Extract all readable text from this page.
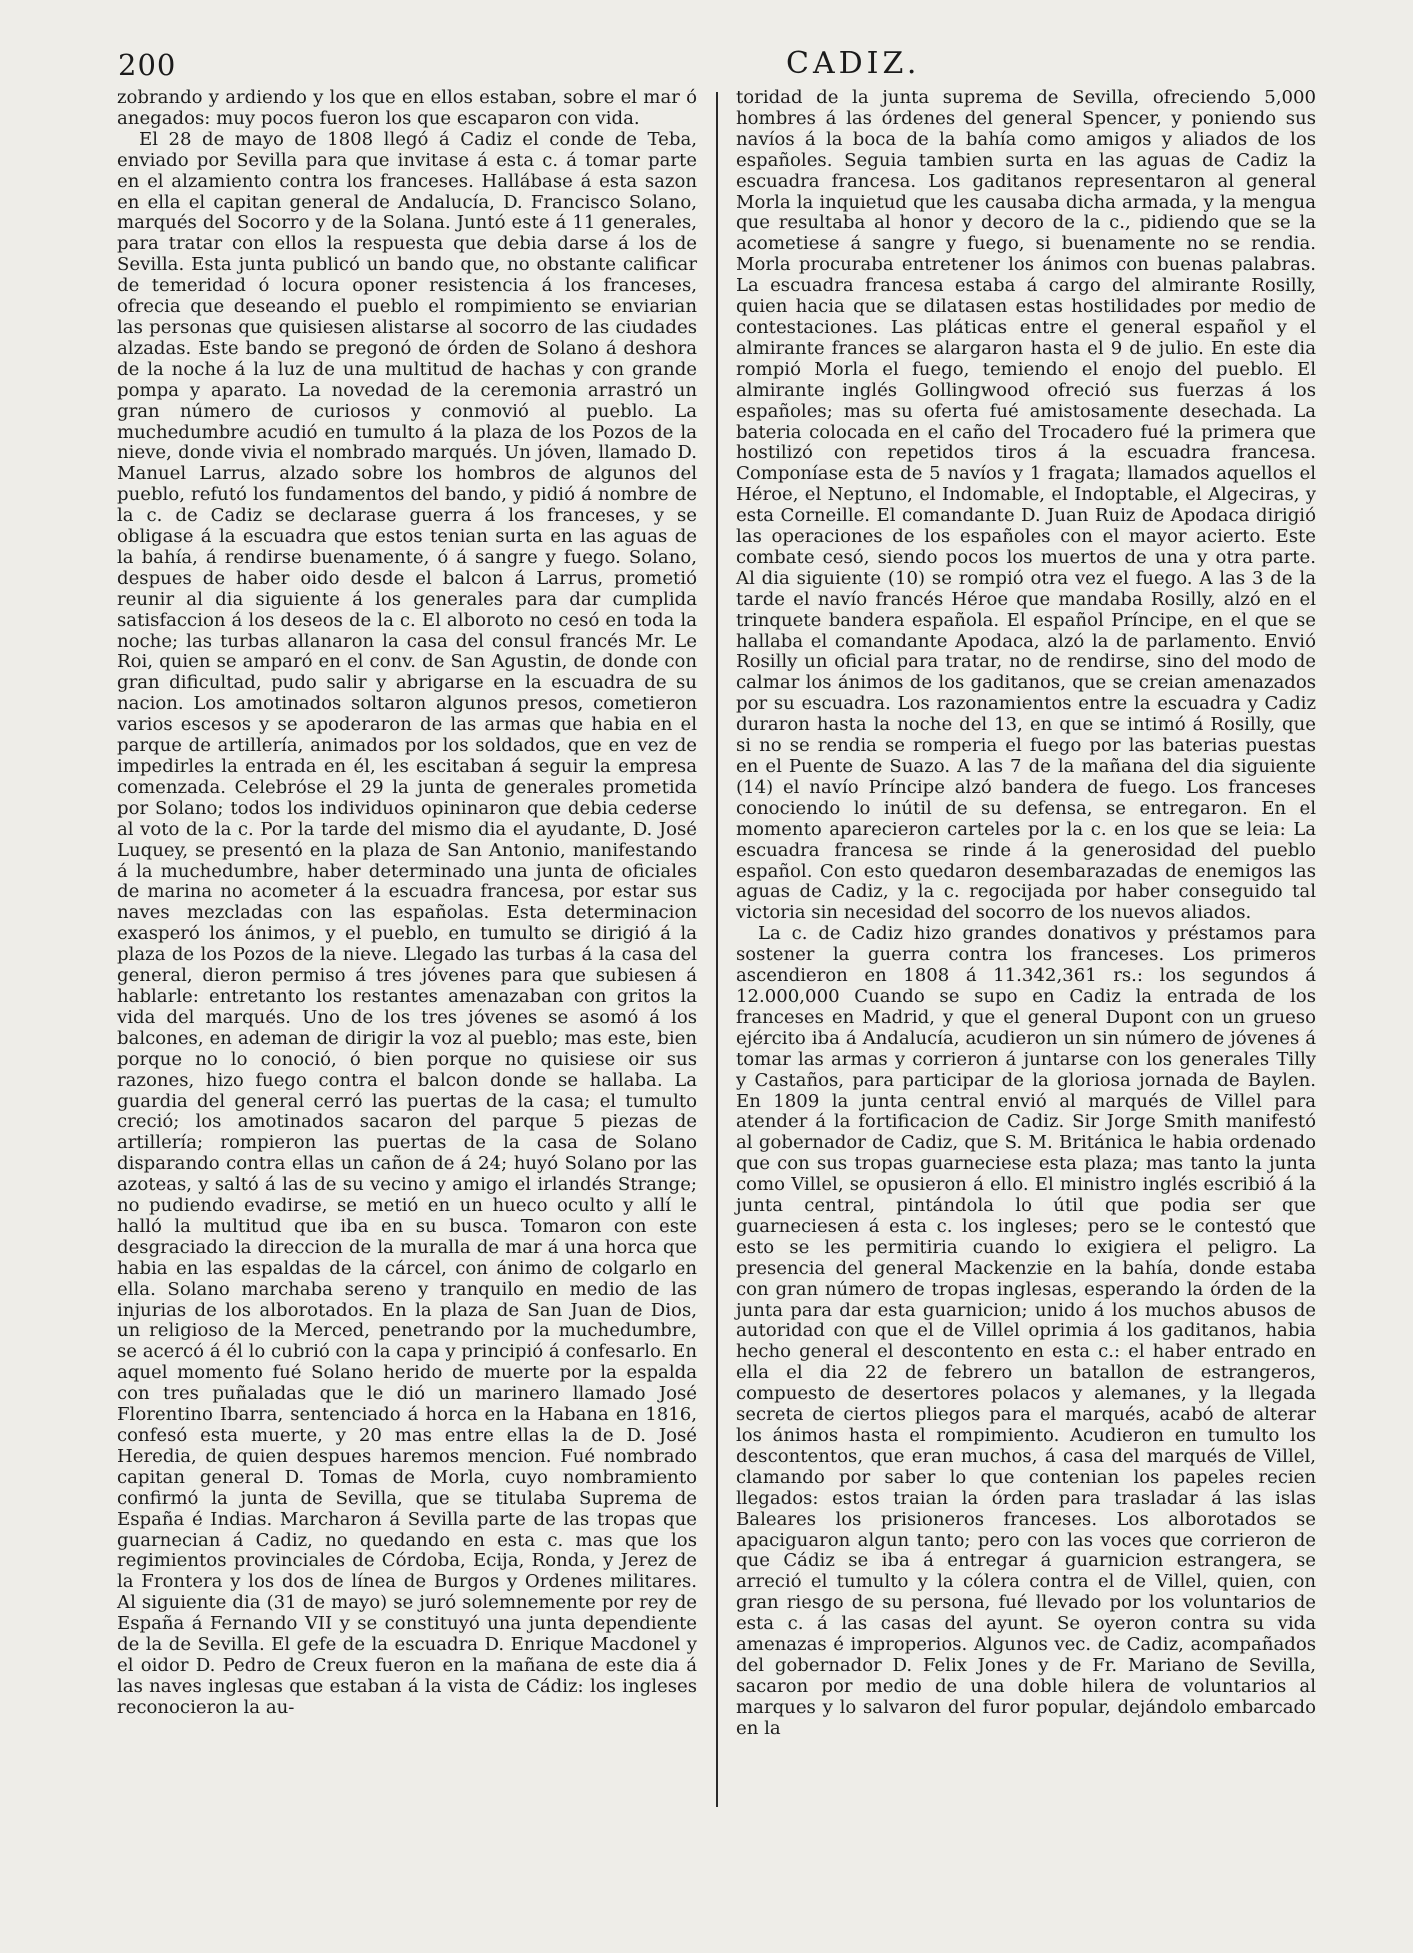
200	CADIZ.

zobrando y ardiendo y los que en ellos estaban, sobre el mar ó anegados: muy pocos fueron los que escaparon con vida.

El 28 de mayo de 1808 llegó á Cadiz el conde de Teba, enviado por Sevilla para que invitase á esta c. á tomar parte en el alzamiento contra los franceses. Hallábase á esta sazon en ella el capitan general de Andalucía, D. Francisco Solano, marqués del Socorro y de la Solana. Juntó este á 11 generales, para tratar con ellos la respuesta que debia darse á los de Sevilla. Esta junta publicó un bando que, no obstante calificar de temeridad ó locura oponer resistencia á los franceses, ofrecia que deseando el pueblo el rompimiento se enviarian las personas que quisiesen alistarse al socorro de las ciudades alzadas. Este bando se pregonó de órden de Solano á deshora de la noche á la luz de una multitud de hachas y con grande pompa y aparato. La novedad de la ceremonia arrastró un gran número de curiosos y conmovió al pueblo. La muchedumbre acudió en tumulto á la plaza de los Pozos de la nieve, donde vivia el nombrado marqués. Un jóven, llamado D. Manuel Larrus, alzado sobre los hombros de algunos del pueblo, refutó los fundamentos del bando, y pidió á nombre de la c. de Cadiz se declarase guerra á los franceses, y se obligase á la escuadra que estos tenian surta en las aguas de la bahía, á rendirse buenamente, ó á sangre y fuego. Solano, despues de haber oido desde el balcon á Larrus, prometió reunir al dia siguiente á los generales para dar cumplida satisfaccion á los deseos de la c. El alboroto no cesó en toda la noche; las turbas allanaron la casa del consul francés Mr. Le Roi, quien se amparó en el conv. de San Agustin, de donde con gran dificultad, pudo salir y abrigarse en la escuadra de su nacion. Los amotinados soltaron algunos presos, cometieron varios escesos y se apoderaron de las armas que habia en el parque de artillería, animados por los soldados, que en vez de impedirles la entrada en él, les escitaban á seguir la empresa comenzada. Celebróse el 29 la junta de generales prometida por Solano; todos los individuos opininaron que debia cederse al voto de la c. Por la tarde del mismo dia el ayudante, D. José Luquey, se presentó en la plaza de San Antonio, manifestando á la muchedumbre, haber determinado una junta de oficiales de marina no acometer á la escuadra francesa, por estar sus naves mezcladas con las españolas. Esta determinacion exasperó los ánimos, y el pueblo, en tumulto se dirigió á la plaza de los Pozos de la nieve. Llegado las turbas á la casa del general, dieron permiso á tres jóvenes para que subiesen á hablarle: entretanto los restantes amenazaban con gritos la vida del marqués. Uno de los tres jóvenes se asomó á los balcones, en ademan de dirigir la voz al pueblo; mas este, bien porque no lo conoció, ó bien porque no quisiese oir sus razones, hizo fuego contra el balcon donde se hallaba. La guardia del general cerró las puertas de la casa; el tumulto creció; los amotinados sacaron del parque 5 piezas de artillería; rompieron las puertas de la casa de Solano disparando contra ellas un cañon de á 24; huyó Solano por las azoteas, y saltó á las de su vecino y amigo el irlandés Strange; no pudiendo evadirse, se metió en un hueco oculto y allí le halló la multitud que iba en su busca. Tomaron con este desgraciado la direccion de la muralla de mar á una horca que habia en las espaldas de la cárcel, con ánimo de colgarlo en ella. Solano marchaba sereno y tranquilo en medio de las injurias de los alborotados. En la plaza de San Juan de Dios, un religioso de la Merced, penetrando por la muchedumbre, se acercó á él lo cubrió con la capa y principió á confesarlo. En aquel momento fué Solano herido de muerte por la espalda con tres puñaladas que le dió un marinero llamado José Florentino Ibarra, sentenciado á horca en la Habana en 1816, confesó esta muerte, y 20 mas entre ellas la de D. José Heredia, de quien despues haremos mencion. Fué nombrado capitan general D. Tomas de Morla, cuyo nombramiento confirmó la junta de Sevilla, que se titulaba Suprema de España é Indias. Marcharon á Sevilla parte de las tropas que guarnecian á Cadiz, no quedando en esta c. mas que los regimientos provinciales de Córdoba, Ecija, Ronda, y Jerez de la Frontera y los dos de línea de Burgos y Ordenes militares. Al siguiente dia (31 de mayo) se juró solemnemente por rey de España á Fernando VII y se constituyó una junta dependiente de la de Sevilla. El gefe de la escuadra D. Enrique Macdonel y el oidor D. Pedro de Creux fueron en la mañana de este dia á las naves inglesas que estaban á la vista de Cádiz: los ingleses reconocieron la au-

toridad de la junta suprema de Sevilla, ofreciendo 5,000 hombres á las órdenes del general Spencer, y poniendo sus navíos á la boca de la bahía como amigos y aliados de los españoles. Seguia tambien surta en las aguas de Cadiz la escuadra francesa. Los gaditanos representaron al general Morla la inquietud que les causaba dicha armada, y la mengua que resultaba al honor y decoro de la c., pidiendo que se la acometiese á sangre y fuego, si buenamente no se rendia. Morla procuraba entretener los ánimos con buenas palabras. La escuadra francesa estaba á cargo del almirante Rosilly, quien hacia que se dilatasen estas hostilidades por medio de contestaciones. Las pláticas entre el general español y el almirante frances se alargaron hasta el 9 de julio. En este dia rompió Morla el fuego, temiendo el enojo del pueblo. El almirante inglés Gollingwood ofreció sus fuerzas á los españoles; mas su oferta fué amistosamente desechada. La bateria colocada en el caño del Trocadero fué la primera que hostilizó con repetidos tiros á la escuadra francesa. Componíase esta de 5 navíos y 1 fragata; llamados aquellos el Héroe, el Neptuno, el Indomable, el Indoptable, el Algeciras, y esta Corneille. El comandante D. Juan Ruiz de Apodaca dirigió las operaciones de los españoles con el mayor acierto. Este combate cesó, siendo pocos los muertos de una y otra parte. Al dia siguiente (10) se rompió otra vez el fuego. A las 3 de la tarde el navío francés Héroe que mandaba Rosilly, alzó en el trinquete bandera española. El español Príncipe, en el que se hallaba el comandante Apodaca, alzó la de parlamento. Envió Rosilly un oficial para tratar, no de rendirse, sino del modo de calmar los ánimos de los gaditanos, que se creian amenazados por su escuadra. Los razonamientos entre la escuadra y Cadiz duraron hasta la noche del 13, en que se intimó á Rosilly, que si no se rendia se romperia el fuego por las baterias puestas en el Puente de Suazo. A las 7 de la mañana del dia siguiente (14) el navío Príncipe alzó bandera de fuego. Los franceses conociendo lo inútil de su defensa, se entregaron. En el momento aparecieron carteles por la c. en los que se leia: La escuadra francesa se rinde á la generosidad del pueblo español. Con esto quedaron desembarazadas de enemigos las aguas de Cadiz, y la c. regocijada por haber conseguido tal victoria sin necesidad del socorro de los nuevos aliados.

La c. de Cadiz hizo grandes donativos y préstamos para sostener la guerra contra los franceses. Los primeros ascendieron en 1808 á 11.342,361 rs.: los segundos á 12.000,000 Cuando se supo en Cadiz la entrada de los franceses en Madrid, y que el general Dupont con un grueso ejército iba á Andalucía, acudieron un sin número de jóvenes á tomar las armas y corrieron á juntarse con los generales Tilly y Castaños, para participar de la gloriosa jornada de Baylen. En 1809 la junta central envió al marqués de Villel para atender á la fortificacion de Cadiz. Sir Jorge Smith manifestó al gobernador de Cadiz, que S. M. Británica le habia ordenado que con sus tropas guarneciese esta plaza; mas tanto la junta como Villel, se opusieron á ello. El ministro inglés escribió á la junta central, pintándola lo útil que podia ser que guarneciesen á esta c. los ingleses; pero se le contestó que esto se les permitiria cuando lo exigiera el peligro. La presencia del general Mackenzie en la bahía, donde estaba con gran número de tropas inglesas, esperando la órden de la junta para dar esta guarnicion; unido á los muchos abusos de autoridad con que el de Villel oprimia á los gaditanos, habia hecho general el descontento en esta c.: el haber entrado en ella el dia 22 de febrero un batallon de estrangeros, compuesto de desertores polacos y alemanes, y la llegada secreta de ciertos pliegos para el marqués, acabó de alterar los ánimos hasta el rompimiento. Acudieron en tumulto los descontentos, que eran muchos, á casa del marqués de Villel, clamando por saber lo que contenian los papeles recien llegados: estos traian la órden para trasladar á las islas Baleares los prisioneros franceses. Los alborotados se apaciguaron algun tanto; pero con las voces que corrieron de que Cádiz se iba á entregar á guarnicion estrangera, se arreció el tumulto y la cólera contra el de Villel, quien, con gran riesgo de su persona, fué llevado por los voluntarios de esta c. á las casas del ayunt. Se oyeron contra su vida amenazas é improperios. Algunos vec. de Cadiz, acompañados del gobernador D. Felix Jones y de Fr. Mariano de Sevilla, sacaron por medio de una doble hilera de voluntarios al marques y lo salvaron del furor popular, dejándolo embarcado en la
